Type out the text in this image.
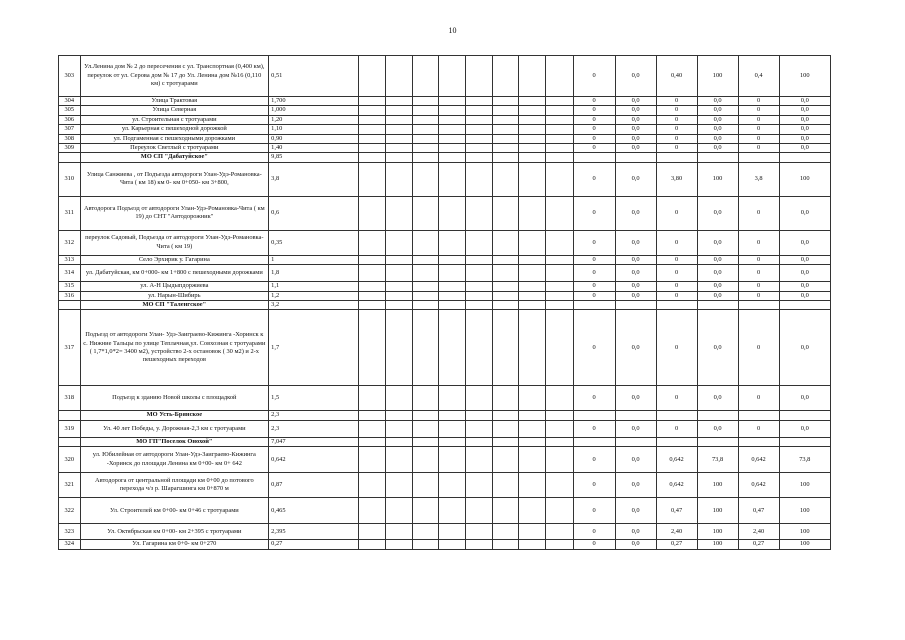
10
303	Ул.Ленина дом № 2 до пересечения с ул. Транспортная (0,400 км), переулок от ул. Серова дом № 17 до Ул. Ленина дом №16 (0,110 км) с тротуарами	0,51									0	0,0	0,40	100	0,4	100
304	Улица Трактовая	1,700									0	0,0	0	0,0	0	0,0
305	Улица Северная	1,000									0	0,0	0	0,0	0	0,0
306	ул. Строительная с тротуарами	1,20									0	0,0	0	0,0	0	0,0
307	ул. Карьерная с пешеходной дорожкой	1,10									0	0,0	0	0,0	0	0,0
308	ул. Подгаменная с пешеходными дорожками	0,90									0	0,0	0	0,0	0	0,0
309	Переулок Светлый с тротуарами	1,40									0	0,0	0	0,0	0	0,0
	МО СП "Дабатуйское"	9,85														
310	Улица Санжиева , от Подъезда автодороги Улан-Удэ-Романовка-Чита ( км 18) км 0- км 0+050- км 3+800,	3,8									0	0,0	3,80	100	3,8	100
311	Автодорога Подъезд от автодороги Улан-Удэ-Романовка-Чита ( км 19) до СНТ "Автодорожник"	0,6									0	0,0	0	0,0	0	0,0
312	переулок Садовый, Подъезда от автодороги Улан-Удэ-Романовка-Чита ( км 19)	0,35									0	0,0	0	0,0	0	0,0
313	Село Эрхирик у. Гагарина	1									0	0,0	0	0,0	0	0,0
314	ул. Дабатуйская, км 0+000- км 1+800 с пешеходными дорожками	1,8									0	0,0	0	0,0	0	0,0
315	ул. А-Н Цыдыпдоржиева	1,1									0	0,0	0	0,0	0	0,0
316	ул. Нарын-Шибирь	1,2									0	0,0	0	0,0	0	0,0
	МО СП "Таленгское"	3,2														
317	Подъезд от автодороги Улан- Удэ-Заиграево-Кижинга -Хоринск к с. Нижние Тальцы по улице Теплачная,ул. Совхозная с тротуарами ( 1,7*1,0*2= 3400 м2), устройство 2-х остановок ( 30 м2) и 2-х пешеходных переходов	1,7									0	0,0	0	0,0	0	0,0
318	Подъезд к зданию Новой школы с площадкой	1,5									0	0,0	0	0,0	0	0,0
	МО Усть-Брянское	2,3														
319	Ул. 40 лет Победы, у. Дорожная-2,3 км с тротуарами	2,3									0	0,0	0	0,0	0	0,0
	МО ГП"Поселок Онохой"	7,047														
320	ул. Юбилейная от автодороги Улан-Удэ-Заиграево-Кижинга -Хоринск до площади Ленина км 0+00- км 0+ 642	0,642									0	0,0	0,642	73,8	0,642	73,8
321	Автодорога от центральной площади км 0+00 до потового перехода ч/з р. Шарагшинга км 0+870 м	0,87									0	0,0	0,642	100	0,642	100
322	Ул. Строителей км 0+00- км 0+46 с тротуарами	0,465									0	0,0	0,47	100	0,47	100
323	Ул. Октябрьская км 0+00- км 2+395 с тротуарами	2,395									0	0,0	2,40	100	2,40	100
324	Ул. Гагарина км 0+0- км 0+270	0,27									0	0,0	0,27	100	0,27	100
